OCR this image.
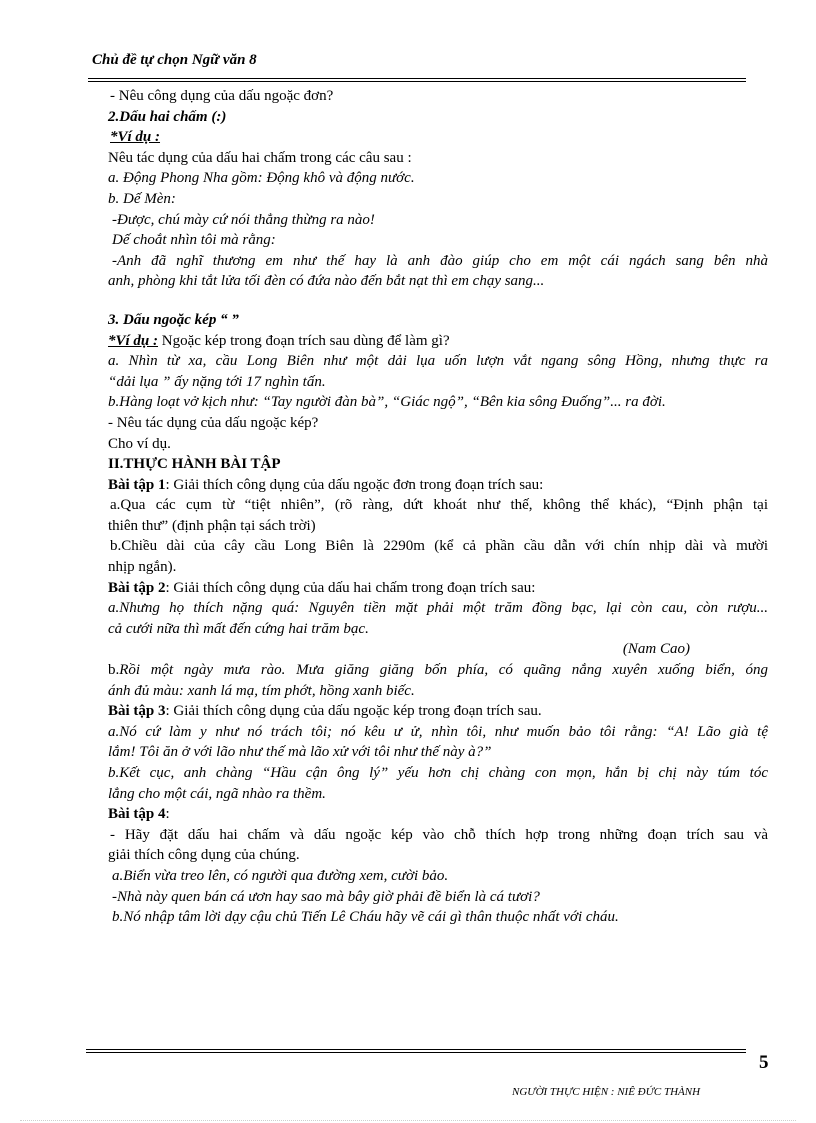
Chủ đề tự chọn Ngữ văn 8
- Nêu công dụng của dấu ngoặc đơn?
2.Dấu hai chấm (:)
*Ví dụ :
Nêu tác dụng của dấu hai chấm trong các câu sau :
a. Động Phong Nha gồm: Động khô và động nước.
b. Dế Mèn:
-Được, chú mày cứ nói thẳng thừng ra nào!
Dế choắt nhìn tôi mà rằng:
-Anh đã nghĩ thương em như thế hay là anh đào giúp cho em một cái ngách sang bên nhà
anh, phòng khi tắt lửa tối đèn có đứa nào đến bắt nạt thì em chạy sang...
3. Dấu ngoặc kép “ ”
*Ví dụ : Ngoặc kép trong đoạn trích sau dùng để làm gì?
a. Nhìn từ xa, cầu Long Biên như một dải lụa uốn lượn vắt ngang sông Hồng, nhưng thực ra
“dải lụa ” ấy nặng tới 17 nghìn tấn.
b.Hàng loạt vở kịch như: “Tay người đàn bà”, “Giác ngộ”, “Bên kia sông Đuống”... ra đời.
- Nêu tác dụng của dấu ngoặc kép?
Cho ví dụ.
II.THỰC HÀNH BÀI TẬP
Bài tập 1: Giải thích công dụng của dấu ngoặc đơn trong đoạn trích sau:
a.Qua các cụm từ “tiệt nhiên”, (rõ ràng, dứt khoát như thế, không thể khác), “Định phận tại
thiên thư” (định phận tại sách trời)
b.Chiều dài của cây cầu Long Biên là 2290m (kể cả phần cầu dẫn với chín nhịp dài và mười
nhịp ngắn).
Bài tập 2: Giải thích công dụng của dấu hai chấm trong đoạn trích sau:
a.Nhưng họ thích nặng quá: Nguyên tiền mặt phải một trăm đồng bạc, lại còn cau, còn rượu...
cả cưới nữa thì mất đến cứng hai trăm bạc.
(Nam Cao)
b.Rồi một ngày mưa rào. Mưa giăng giăng bốn phía, có quãng nắng xuyên xuống biển, óng
ánh đủ màu: xanh lá mạ, tím phớt, hồng xanh biếc.
Bài tập 3: Giải thích công dụng của dấu ngoặc kép trong đoạn trích sau.
a.Nó cứ làm y như nó trách tôi; nó kêu ư ử, nhìn tôi, như muốn bảo tôi rằng: “A! Lão già tệ
lắm! Tôi ăn ở với lão như thế mà lão xử với tôi như thế này à?”
b.Kết cục, anh chàng “Hầu cận ông lý” yếu hơn chị chàng con mọn, hắn bị chị này túm tóc
lẳng cho một cái, ngã nhào ra thềm.
Bài tập 4:
- Hãy đặt dấu hai chấm và dấu ngoặc kép vào chỗ thích hợp trong những đoạn trích sau và
giải thích công dụng của chúng.
a.Biển vừa treo lên, có người qua đường xem, cười bảo.
-Nhà này quen bán cá ươn hay sao mà bây giờ phải đề biển là cá tươi?
b.Nó nhập tâm lời dạy cậu chủ Tiến Lê Cháu hãy vẽ cái gì thân thuộc nhất với cháu.
5
NGƯỜI THỰC HIỆN : NIÊ ĐỨC THÀNH
